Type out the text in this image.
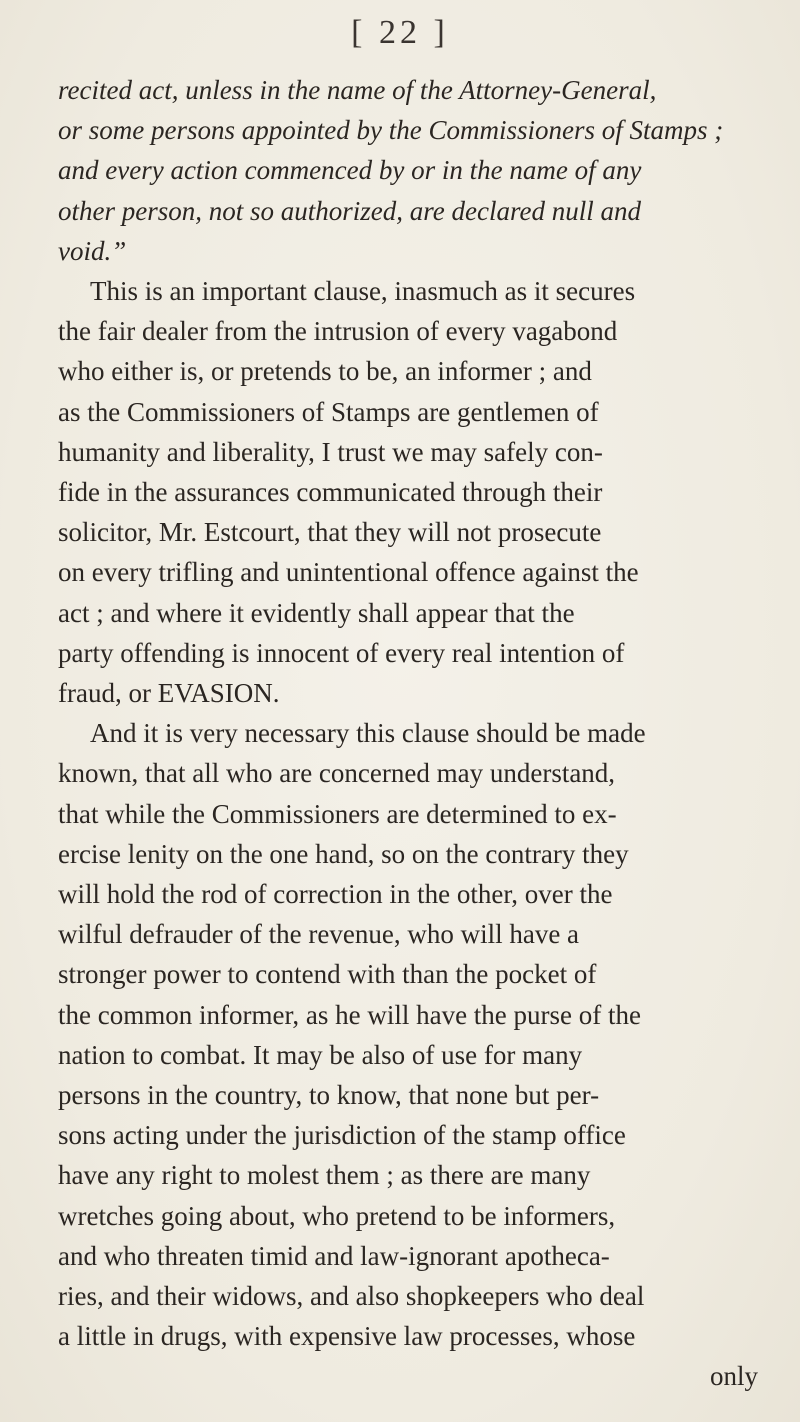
[ 22 ]
recited act, unless in the name of the Attorney-General,
or some persons appointed by the Commissioners of Stamps ;
and every action commenced by or in the name of any
other person, not so authorized, are declared null and
void.”
This is an important clause, inasmuch as it secures
the fair dealer from the intrusion of every vagabond
who either is, or pretends to be, an informer ; and
as the Commissioners of Stamps are gentlemen of
humanity and liberality, I trust we may safely con-
fide in the assurances communicated through their
solicitor, Mr. Estcourt, that they will not prosecute
on every trifling and unintentional offence against the
act ; and where it evidently shall appear that the
party offending is innocent of every real intention of
fraud, or EVASION.
And it is very necessary this clause should be made
known, that all who are concerned may understand,
that while the Commissioners are determined to ex-
ercise lenity on the one hand, so on the contrary they
will hold the rod of correction in the other, over the
wilful defrauder of the revenue, who will have a
stronger power to contend with than the pocket of
the common informer, as he will have the purse of the
nation to combat. It may be also of use for many
persons in the country, to know, that none but per-
sons acting under the jurisdiction of the stamp office
have any right to molest them ; as there are many
wretches going about, who pretend to be informers,
and who threaten timid and law-ignorant apotheca-
ries, and their widows, and also shopkeepers who deal
a little in drugs, with expensive law processes, whose
only
